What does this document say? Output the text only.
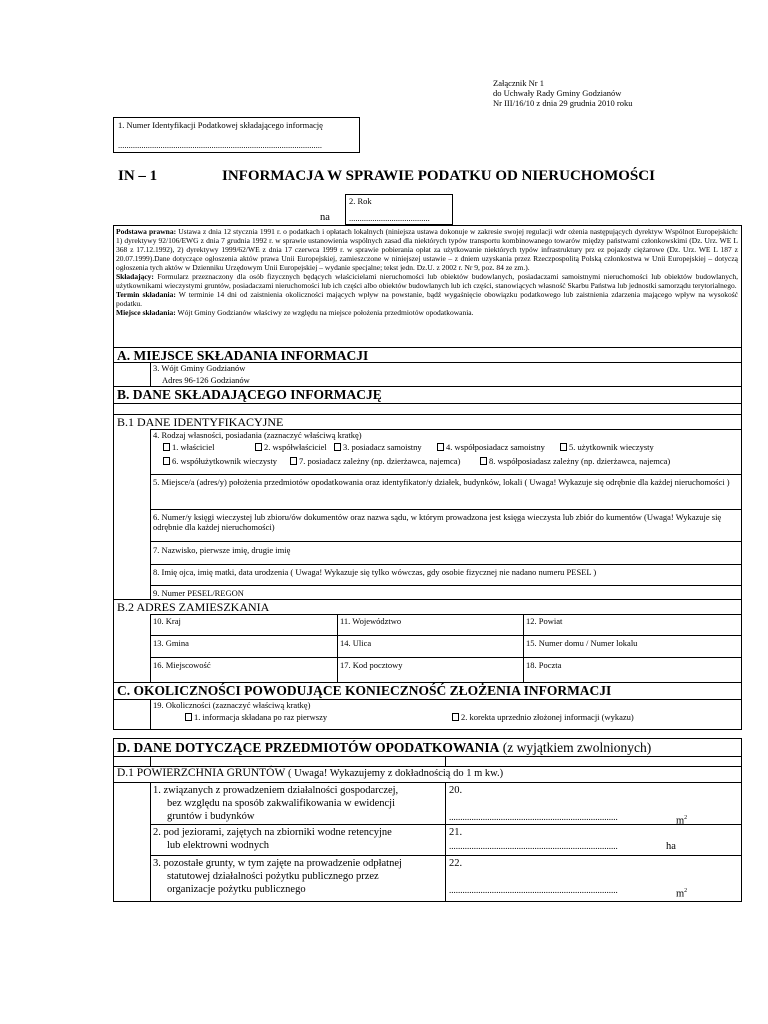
Załącznik Nr 1
do Uchwały Rady Gminy Godzianów
Nr III/16/10 z dnia 29 grudnia 2010 roku
1. Numer Identyfikacji Podatkowej składającego informację
................................................................................................
IN – 1	INFORMACJA W SPRAWIE PODATKU OD NIERUCHOMOŚCI
na
2. Rok
......................................
Podstawa prawna: Ustawa z dnia 12 stycznia 1991 r. o podatkach i opłatach lokalnych (niniejsza ustawa dokonuje w zakresie swojej regulacji wdr ożenia następujących dyrektyw Wspólnot Europejskich: 1) dyrektywy 92/106/EWG z dnia 7 grudnia 1992 r. w sprawie ustanowienia wspólnych zasad dla niektórych typów transportu kombinowanego towarów między państwami członkowskimi (Dz. Urz. WE L 368 z 17.12.1992), 2) dyrektywy 1999/62/WE z dnia 17 czerwca 1999 r. w sprawie pobierania opłat za użytkowanie niektórych typów infrastruktury prz ez pojazdy ciężarowe (Dz. Urz. WE L 187 z 20.07.1999).Dane dotyczące ogłoszenia aktów prawa Unii Europejskiej, zamieszczone w niniejszej ustawie – z dniem uzyskania przez Rzeczpospolitą Polską członkostwa w Unii Europejskiej – dotyczą ogłoszenia tych aktów w Dzienniku Urzędowym Unii Europejskiej – wydanie specjalne; tekst jedn. Dz.U. z 2002 r. Nr 9, poz. 84 ze zm.).
Składający: Formularz przeznaczony dla osób fizycznych będących właścicielami nieruchomości lub obiektów budowlanych, posiadaczami samoistnymi nieruchomości lub obiektów budowlanych, użytkownikami wieczystymi gruntów, posiadaczami nieruchomości lub ich części albo obiektów budowlanych lub ich części, stanowiących własność Skarbu Państwa lub jednostki samorządu terytorialnego.
Termin składania: W terminie 14 dni od zaistnienia okoliczności mających wpływ na powstanie, bądź wygaśnięcie obowiązku podatkowego lub zaistnienia zdarzenia mającego wpływ na wysokość podatku.
Miejsce składania: Wójt Gminy Godzianów właściwy ze względu na miejsce położenia przedmiotów opodatkowania.
A. MIEJSCE SKŁADANIA INFORMACJI
3. Wójt Gminy Godzianów
Adres 96-126 Godzianów
B. DANE SKŁADAJĄCEGO INFORMACJĘ
B.1 DANE IDENTYFIKACYJNE
4. Rodzaj własności, posiadania (zaznaczyć właściwą kratkę)
1. właściciel	2. współwłaściciel	3. posiadacz samoistny	4. współposiadacz samoistny	5. użytkownik wieczysty
6. współużytkownik wieczysty	7. posiadacz zależny (np. dzierżawca, najemca)	8. współposiadasz zależny (np. dzierżawca, najemca)
5. Miejsce/a (adres/y) położenia przedmiotów opodatkowania oraz identyfikator/y działek, budynków, lokali ( Uwaga! Wykazuje się odrębnie dla każdej nieruchomości )
6. Numer/y księgi wieczystej lub zbioru/ów dokumentów oraz nazwa sądu, w którym prowadzona jest księga wieczysta lub zbiór do kumentów (Uwaga! Wykazuje się odrębnie dla każdej nieruchomości)
7. Nazwisko, pierwsze imię, drugie imię
8. Imię ojca, imię matki, data urodzenia ( Uwaga! Wykazuje się tylko wówczas, gdy osobie fizycznej nie nadano numeru PESEL )
9. Numer PESEL/REGON
B.2 ADRES ZAMIESZKANIA
10. Kraj	11. Województwo	12. Powiat
13. Gmina	14. Ulica	15. Numer domu / Numer lokalu
16. Miejscowość	17. Kod pocztowy	18. Poczta
C. OKOLICZNOŚCI POWODUJĄCE KONIECZNOŚĆ ZŁOŻENIA INFORMACJI
19. Okoliczności (zaznaczyć właściwą kratkę)
1. informacja składana po raz pierwszy	2. korekta uprzednio złożonej informacji (wykazu)
D. DANE DOTYCZĄCE PRZEDMIOTÓW OPODATKOWANIA (z wyjątkiem zwolnionych)
D.1 POWIERZCHNIA GRUNTÓW ( Uwaga! Wykazujemy z dokładnością do 1 m kw.)
1. związanych z prowadzeniem działalności gospodarczej,
bez względu na sposób zakwalifikowania w ewidencji
gruntów i budynków
20.
...........................................................................	$m^2$
2. pod jeziorami, zajętych na zbiorniki wodne retencyjne
lub elektrowni wodnych
21.
...........................................................................	ha
3. pozostałe grunty, w tym zajęte na prowadzenie odpłatnej
statutowej działalności pożytku publicznego przez
organizacje pożytku publicznego
22.
...........................................................................	$m^2$
